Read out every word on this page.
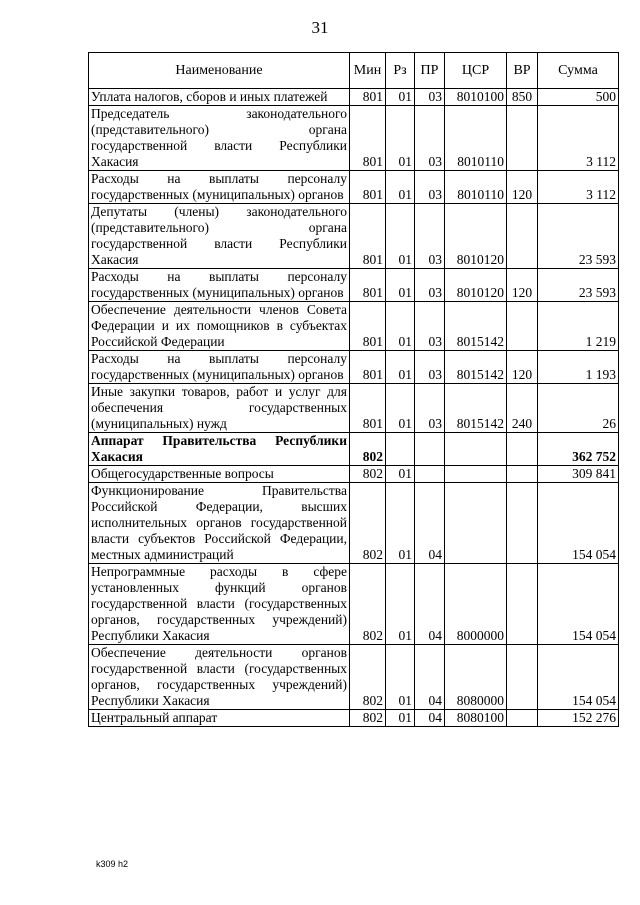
31
Наименование	Мин	Рз	ПР	ЦСР	ВР	Сумма
Уплата налогов, сборов и иных платежей	801	01	03	8010100	850	500
Председатель законодательного (представительного) органа государственной власти Республики Хакасия	801	01	03	8010110		3 112
Расходы на выплаты персоналу государственных (муниципальных) органов	801	01	03	8010110	120	3 112
Депутаты (члены) законодательного (представительного) органа государственной власти Республики Хакасия	801	01	03	8010120		23 593
Расходы на выплаты персоналу государственных (муниципальных) органов	801	01	03	8010120	120	23 593
Обеспечение деятельности членов Совета Федерации и их помощников в субъектах Российской Федерации	801	01	03	8015142		1 219
Расходы на выплаты персоналу государственных (муниципальных) органов	801	01	03	8015142	120	1 193
Иные закупки товаров, работ и услуг для обеспечения государственных (муниципальных) нужд	801	01	03	8015142	240	26
Аппарат Правительства Республики Хакасия	802					362 752
Общегосударственные вопросы	802	01				309 841
Функционирование Правительства Российской Федерации, высших исполнительных органов государственной власти субъектов Российской Федерации, местных администраций	802	01	04			154 054
Непрограммные расходы в сфере установленных функций органов государственной власти (государственных органов, государственных учреждений) Республики Хакасия	802	01	04	8000000		154 054
Обеспечение деятельности органов государственной власти (государственных органов, государственных учреждений) Республики Хакасия	802	01	04	8080000		154 054
Центральный аппарат	802	01	04	8080100		152 276
k309 h2
